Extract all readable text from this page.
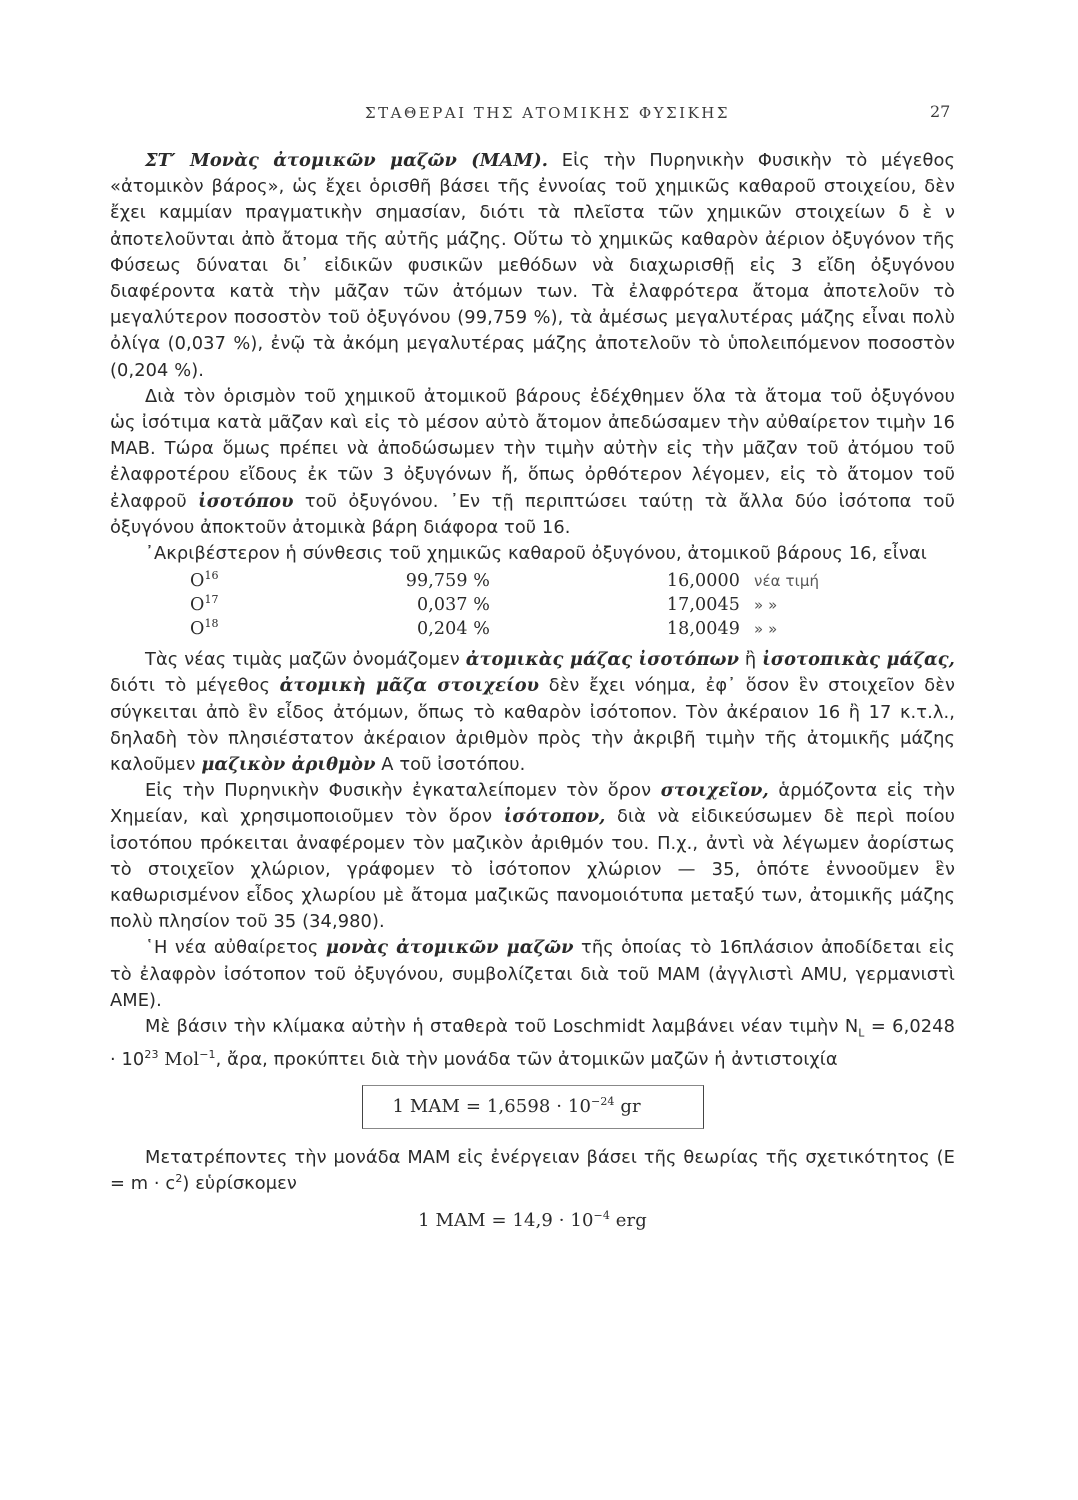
ΣΤΑΘΕΡΑΙ ΤΗΣ ΑΤΟΜΙΚΗΣ ΦΥΣΙΚΗΣ	27

ΣΤ′ Μονὰς ἀτομικῶν μαζῶν (ΜΑΜ). Εἰς τὴν Πυρηνικὴν Φυσικὴν τὸ μέγεθος «ἀτομικὸν βάρος», ὡς ἔχει ὁρισθῆ βάσει τῆς ἐννοίας τοῦ χημικῶς καθαροῦ στοιχείου, δὲν ἔχει καμμίαν πραγματικὴν σημασίαν, διότι τὰ πλεῖστα τῶν χημικῶν στοιχείων δ ὲ ν ἀποτελοῦνται ἀπὸ ἄτομα τῆς αὐτῆς μάζης. Οὕτω τὸ χημικῶς καθαρὸν ἀέριον ὀξυγόνον τῆς Φύσεως δύναται δι᾽ εἰδικῶν φυσικῶν μεθόδων νὰ διαχωρισθῇ εἰς 3 εἴδη ὀξυγόνου διαφέροντα κατὰ τὴν μᾶζαν τῶν ἀτόμων των. Τὰ ἐλαφρότερα ἄτομα ἀποτελοῦν τὸ μεγαλύτερον ποσοστὸν τοῦ ὀξυγόνου (99,759 %), τὰ ἀμέσως μεγαλυτέρας μάζης εἶναι πολὺ ὀλίγα (0,037 %), ἐνῷ τὰ ἀκόμη μεγαλυτέρας μάζης ἀποτελοῦν τὸ ὑπολειπόμενον ποσοστὸν (0,204 %).

Διὰ τὸν ὁρισμὸν τοῦ χημικοῦ ἀτομικοῦ βάρους ἐδέχθημεν ὅλα τὰ ἄτομα τοῦ ὀξυγόνου ὡς ἰσότιμα κατὰ μᾶζαν καὶ εἰς τὸ μέσον αὐτὸ ἄτομον ἀπεδώσαμεν τὴν αὐθαίρετον τιμὴν 16 ΜΑΒ. Τώρα ὅμως πρέπει νὰ ἀποδώσωμεν τὴν τιμὴν αὐτὴν εἰς τὴν μᾶζαν τοῦ ἀτόμου τοῦ ἐλαφροτέρου εἴδους ἐκ τῶν 3 ὀξυγόνων ἤ, ὅπως ὀρθότερον λέγομεν, εἰς τὸ ἄτομον τοῦ ἐλαφροῦ ἰσοτόπου τοῦ ὀξυγόνου. ᾿Εν τῇ περιπτώσει ταύτῃ τὰ ἄλλα δύο ἰσότοπα τοῦ ὀξυγόνου ἀποκτοῦν ἀτομικὰ βάρη διάφορα τοῦ 16.

᾿Ακριβέστερον ἡ σύνθεσις τοῦ χημικῶς καθαροῦ ὀξυγόνου, ἀτομικοῦ βάρους 16, εἶναι

$O^{16}$	99,759 %		16,0000	νέα τιμή
$O^{17}$	0,037 %		17,0045	» »
$O^{18}$	0,204 %		18,0049	» »

Τὰς νέας τιμὰς μαζῶν ὀνομάζομεν ἀτομικὰς μάζας ἰσοτόπων ἢ ἰσοτοπικὰς μάζας, διότι τὸ μέγεθος ἀτομικὴ μᾶζα στοιχείου δὲν ἔχει νόημα, ἐφ᾽ ὅσον ἓν στοιχεῖον δὲν σύγκειται ἀπὸ ἓν εἶδος ἀτόμων, ὅπως τὸ καθαρὸν ἰσότοπον. Τὸν ἀκέραιον 16 ἢ 17 κ.τ.λ., δηλαδὴ τὸν πλησιέστατον ἀκέραιον ἀριθμὸν πρὸς τὴν ἀκριβῆ τιμὴν τῆς ἀτομικῆς μάζης καλοῦμεν μαζικὸν ἀριθμὸν A τοῦ ἰσοτόπου.

Εἰς τὴν Πυρηνικὴν Φυσικὴν ἐγκαταλείπομεν τὸν ὅρον στοιχεῖον, ἁρμόζοντα εἰς τὴν Χημείαν, καὶ χρησιμοποιοῦμεν τὸν ὅρον ἰσότοπον, διὰ νὰ εἰδικεύσωμεν δὲ περὶ ποίου ἰσοτόπου πρόκειται ἀναφέρομεν τὸν μαζικὸν ἀριθμόν του. Π.χ., ἀντὶ νὰ λέγωμεν ἀορίστως τὸ στοιχεῖον χλώριον, γράφομεν τὸ ἰσότοπον χλώριον — 35, ὁπότε ἐννοοῦμεν ἓν καθωρισμένον εἶδος χλωρίου μὲ ἄτομα μαζικῶς πανομοιότυπα μεταξύ των, ἀτομικῆς μάζης πολὺ πλησίον τοῦ 35 (34,980).

῾Η νέα αὐθαίρετος μονὰς ἀτομικῶν μαζῶν τῆς ὁποίας τὸ 16πλάσιον ἀποδίδεται εἰς τὸ ἐλαφρὸν ἰσότοπον τοῦ ὀξυγόνου, συμβολίζεται διὰ τοῦ ΜΑΜ (ἀγγλιστὶ AMU, γερμανιστὶ ΑΜΕ).

Μὲ βάσιν τὴν κλίμακα αὐτὴν ἡ σταθερὰ τοῦ Loschmidt λαμβάνει νέαν τιμὴν $N_L = 6,0248 \cdot 10^{23}$ Mol$^{-1}$, ἄρα, προκύπτει διὰ τὴν μονάδα τῶν ἀτομικῶν μαζῶν ἡ ἀντιστοιχία

1 $MAM = 1,6598 \cdot 10^{-24}$ gr

Μετατρέποντες τὴν μονάδα ΜΑΜ εἰς ἐνέργειαν βάσει τῆς θεωρίας τῆς σχετικότητος $(E = m \cdot c^2)$ εὑρίσκομεν

1 $MAM = 14,9 \cdot 10^{-4}$ erg
